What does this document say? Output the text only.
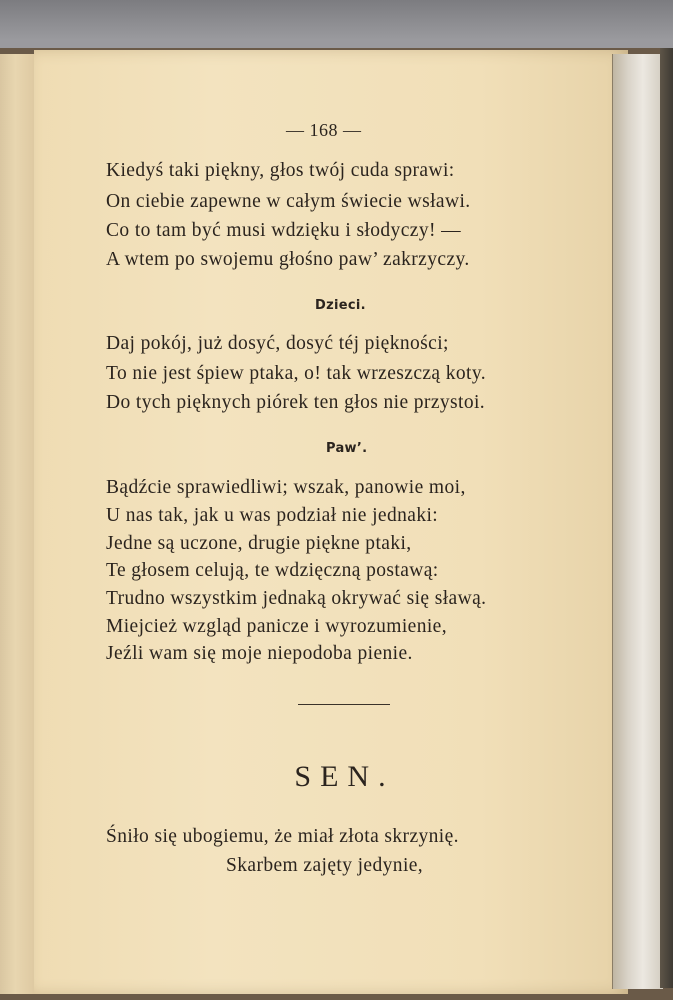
— 168 —
Kiedyś taki piękny, głos twój cuda sprawi:
On ciebie zapewne w całym świecie wsławi.
Co to tam być musi wdzięku i słodyczy! —
A wtem po swojemu głośno paw’ zakrzyczy.
Dzieci.
Daj pokój, już dosyć, dosyć téj piękności;
To nie jest śpiew ptaka, o! tak wrzeszczą koty.
Do tych pięknych piórek ten głos nie przystoi.
Paw’.
Bądźcie sprawiedliwi; wszak, panowie moi,
U nas tak, jak u was podział nie jednaki:
Jedne są uczone, drugie piękne ptaki,
Te głosem celują, te wdzięczną postawą:
Trudno wszystkim jednaką okrywać się sławą.
Miejcież wzgląd panicze i wyrozumienie,
Jeźli wam się moje niepodoba pienie.
SEN.
Śniło się ubogiemu, że miał złota skrzynię.
Skarbem zajęty jedynie,
